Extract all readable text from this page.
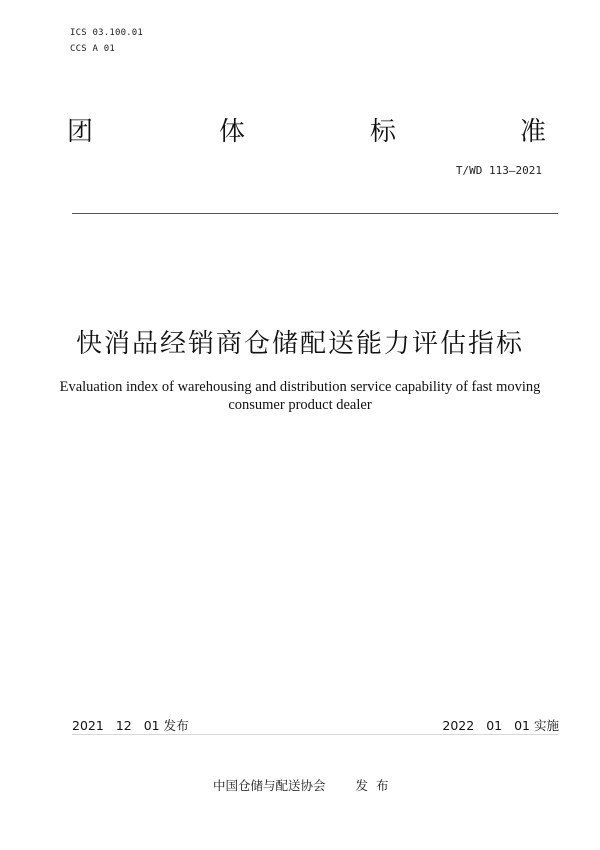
ICS 03.100.01
CCS A 01
团	体	标	准
T/WD 113—2021
快消品经销商仓储配送能力评估指标
Evaluation index of warehousing and distribution service capability of fast moving
consumer product dealer
2021 12 01 发布	2022 01 01 实施
中国仓储与配送协会 发 布
